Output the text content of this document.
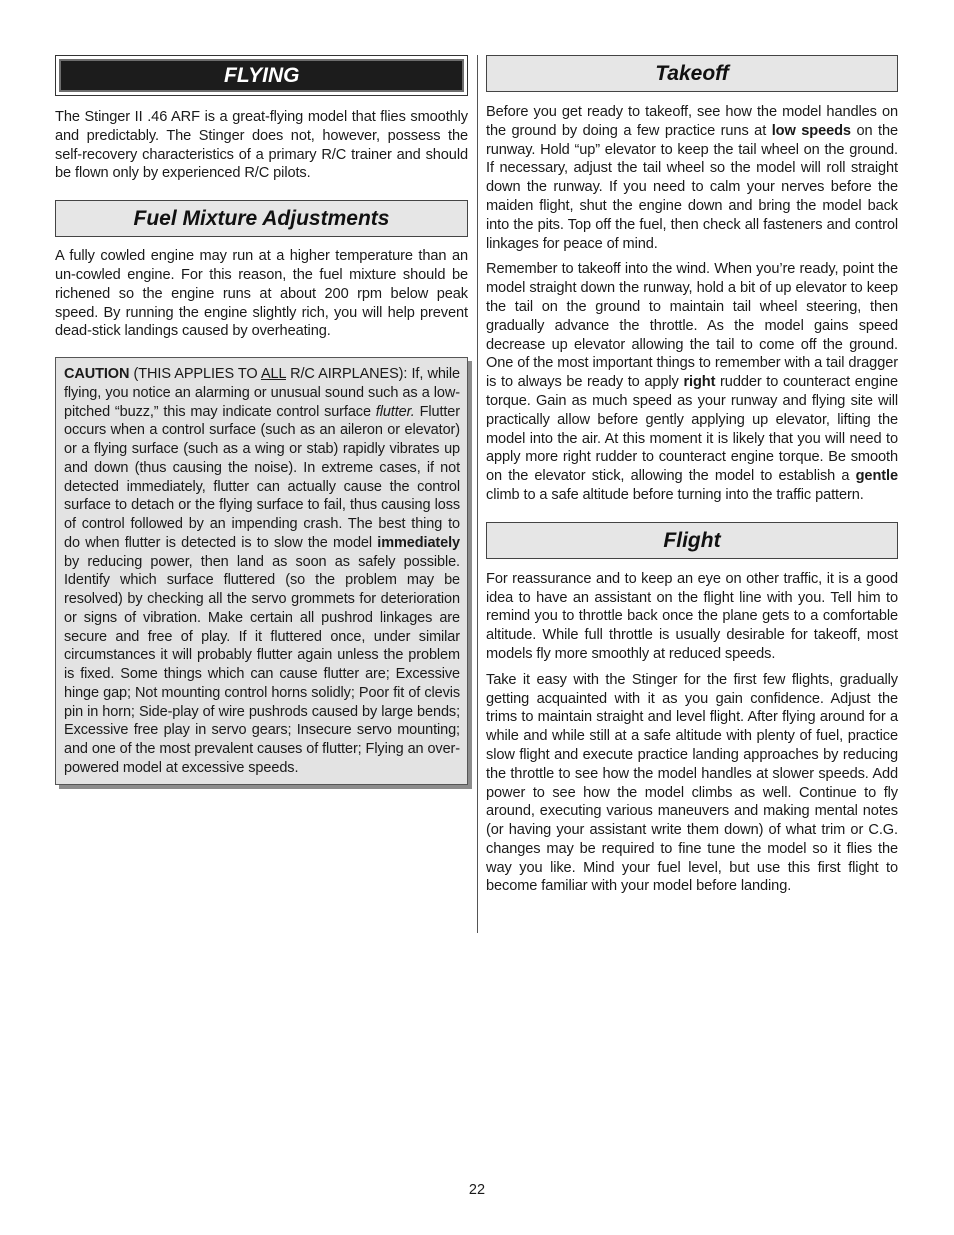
FLYING

The Stinger II .46 ARF is a great-flying model that flies smoothly and predictably. The Stinger does not, however, possess the self-recovery characteristics of a primary R/C trainer and should be flown only by experienced R/C pilots.

Fuel Mixture Adjustments

A fully cowled engine may run at a higher temperature than an un-cowled engine. For this reason, the fuel mixture should be richened so the engine runs at about 200 rpm below peak speed. By running the engine slightly rich, you will help prevent dead-stick landings caused by overheating.

CAUTION (THIS APPLIES TO ALL R/C AIRPLANES): If, while flying, you notice an alarming or unusual sound such as a low-pitched “buzz,” this may indicate control surface flutter. Flutter occurs when a control surface (such as an aileron or elevator) or a flying surface (such as a wing or stab) rapidly vibrates up and down (thus causing the noise). In extreme cases, if not detected immediately, flutter can actually cause the control surface to detach or the flying surface to fail, thus causing loss of control followed by an impending crash. The best thing to do when flutter is detected is to slow the model immediately by reducing power, then land as soon as safely possible. Identify which surface fluttered (so the problem may be resolved) by checking all the servo grommets for deterioration or signs of vibration. Make certain all pushrod linkages are secure and free of play. If it fluttered once, under similar circumstances it will probably flutter again unless the problem is fixed. Some things which can cause flutter are; Excessive hinge gap; Not mounting control horns solidly; Poor fit of clevis pin in horn; Side-play of wire pushrods caused by large bends; Excessive free play in servo gears; Insecure servo mounting; and one of the most prevalent causes of flutter; Flying an over-powered model at excessive speeds.

Takeoff

Before you get ready to takeoff, see how the model handles on the ground by doing a few practice runs at low speeds on the runway. Hold “up” elevator to keep the tail wheel on the ground. If necessary, adjust the tail wheel so the model will roll straight down the runway. If you need to calm your nerves before the maiden flight, shut the engine down and bring the model back into the pits. Top off the fuel, then check all fasteners and control linkages for peace of mind.

Remember to takeoff into the wind. When you’re ready, point the model straight down the runway, hold a bit of up elevator to keep the tail on the ground to maintain tail wheel steering, then gradually advance the throttle. As the model gains speed decrease up elevator allowing the tail to come off the ground. One of the most important things to remember with a tail dragger is to always be ready to apply right rudder to counteract engine torque. Gain as much speed as your runway and flying site will practically allow before gently applying up elevator, lifting the model into the air. At this moment it is likely that you will need to apply more right rudder to counteract engine torque. Be smooth on the elevator stick, allowing the model to establish a gentle climb to a safe altitude before turning into the traffic pattern.

Flight

For reassurance and to keep an eye on other traffic, it is a good idea to have an assistant on the flight line with you. Tell him to remind you to throttle back once the plane gets to a comfortable altitude. While full throttle is usually desirable for takeoff, most models fly more smoothly at reduced speeds.

Take it easy with the Stinger for the first few flights, gradually getting acquainted with it as you gain confidence. Adjust the trims to maintain straight and level flight. After flying around for a while and while still at a safe altitude with plenty of fuel, practice slow flight and execute practice landing approaches by reducing the throttle to see how the model handles at slower speeds. Add power to see how the model climbs as well. Continue to fly around, executing various maneuvers and making mental notes (or having your assistant write them down) of what trim or C.G. changes may be required to fine tune the model so it flies the way you like. Mind your fuel level, but use this first flight to become familiar with your model before landing.

22
